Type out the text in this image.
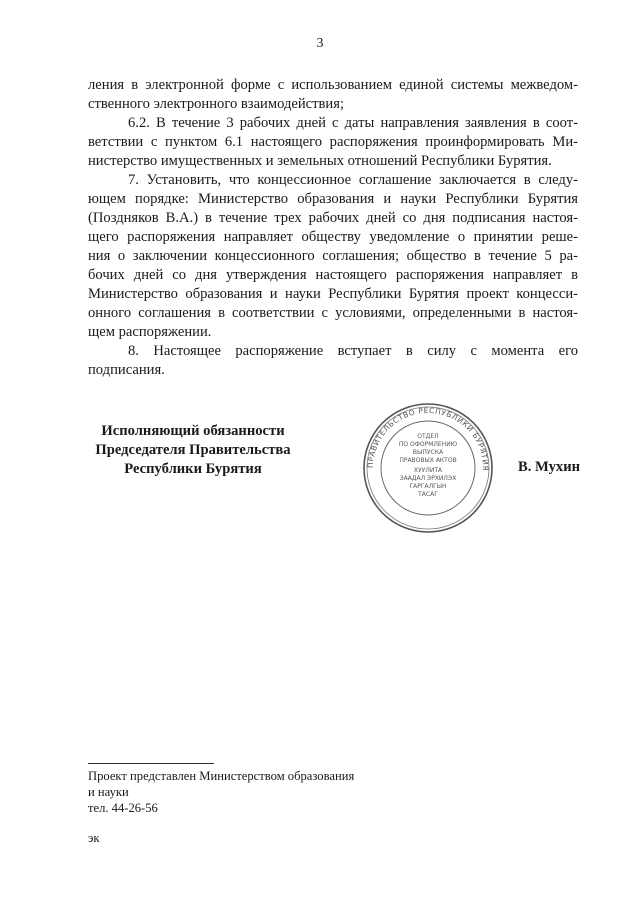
3

ления в электронной форме с использованием единой системы межведом-
ственного электронного взаимодействия;

6.2. В течение 3 рабочих дней с даты направления заявления в соот-
ветствии с пунктом 6.1 настоящего распоряжения проинформировать Ми-
нистерство имущественных и земельных отношений Республики Бурятия.

7. Установить, что концессионное соглашение заключается в следу-
ющем порядке: Министерство образования и науки Республики Бурятия
(Поздняков В.А.) в течение трех рабочих дней со дня подписания настоя-
щего распоряжения направляет обществу уведомление о принятии реше-
ния о заключении концессионного соглашения; общество в течение 5 ра-
бочих дней со дня утверждения настоящего распоряжения направляет в
Министерство образования и науки Республики Бурятия проект концесси-
онного соглашения в соответствии с условиями, определенными в настоя-
щем распоряжении.

8. Настоящее распоряжение вступает в силу с момента его
подписания.

Исполняющий обязанности
Председателя Правительства
Республики Бурятия	ПРАВИТЕЛЬСТВО РЕСПУБЛИКИ БУРЯТИЯ
ОТДЕЛ
ПО ОФОРМЛЕНИЮ
ВЫПУСКА
ПРАВОВЫХ АКТОВ
ХУУЛИТА
ЗААДАЛ ЭРХИЛЭХ
ГАРГАЛГЫН
ТАСАГ
В. Мухин
Проект представлен Министерством образования
и науки
тел. 44-26-56
эк
